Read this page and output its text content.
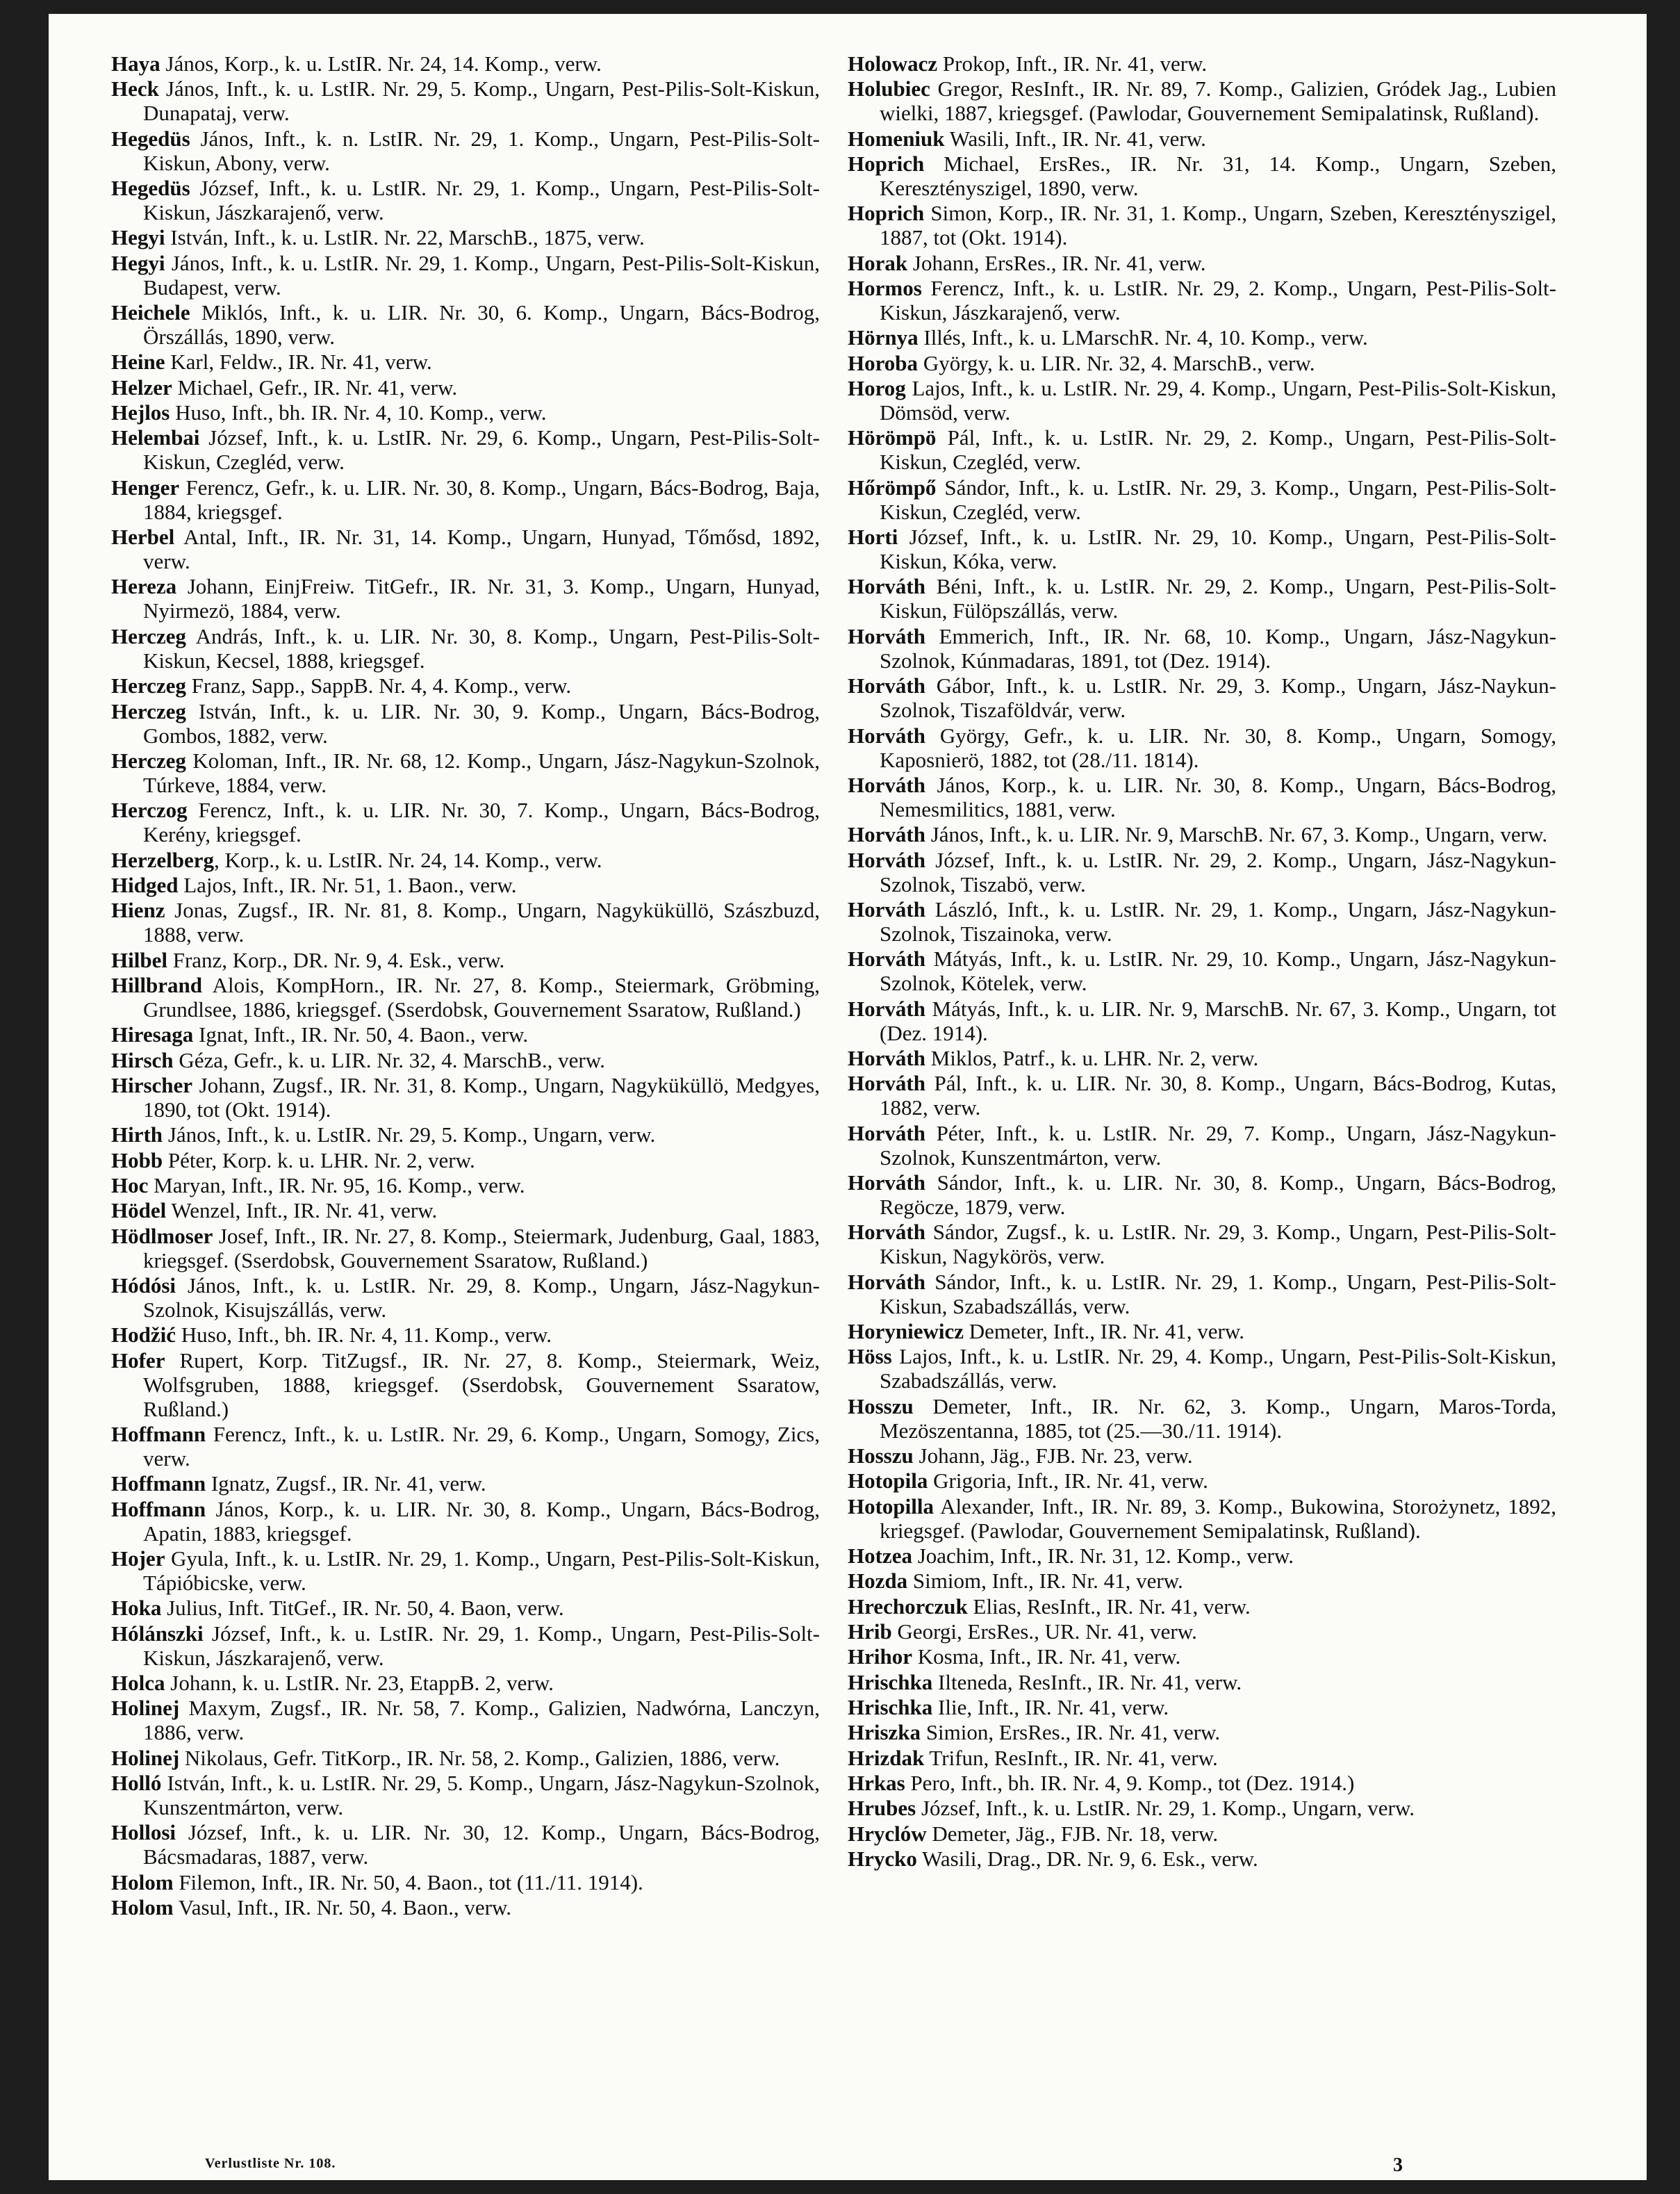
Haya János, Korp., k. u. LstIR. Nr. 24, 14. Komp., verw.

Heck János, Inft., k. u. LstIR. Nr. 29, 5. Komp., Ungarn, Pest-Pilis-Solt-Kiskun, Dunapataj, verw.

Hegedüs János, Inft., k. n. LstIR. Nr. 29, 1. Komp., Ungarn, Pest-Pilis-Solt-Kiskun, Abony, verw.

Hegedüs József, Inft., k. u. LstIR. Nr. 29, 1. Komp., Ungarn, Pest-Pilis-Solt-Kiskun, Jászkarajenő, verw.

Hegyi István, Inft., k. u. LstIR. Nr. 22, MarschB., 1875, verw.

Hegyi János, Inft., k. u. LstIR. Nr. 29, 1. Komp., Ungarn, Pest-Pilis-Solt-Kiskun, Budapest, verw.

Heichele Miklós, Inft., k. u. LIR. Nr. 30, 6. Komp., Ungarn, Bács-Bodrog, Örszállás, 1890, verw.

Heine Karl, Feldw., IR. Nr. 41, verw.

Helzer Michael, Gefr., IR. Nr. 41, verw.

Hejlos Huso, Inft., bh. IR. Nr. 4, 10. Komp., verw.

Helembai József, Inft., k. u. LstIR. Nr. 29, 6. Komp., Ungarn, Pest-Pilis-Solt-Kiskun, Czegléd, verw.

Henger Ferencz, Gefr., k. u. LIR. Nr. 30, 8. Komp., Ungarn, Bács-Bodrog, Baja, 1884, kriegsgef.

Herbel Antal, Inft., IR. Nr. 31, 14. Komp., Ungarn, Hunyad, Tőmősd, 1892, verw.

Hereza Johann, EinjFreiw. TitGefr., IR. Nr. 31, 3. Komp., Ungarn, Hunyad, Nyirmezö, 1884, verw.

Herczeg András, Inft., k. u. LIR. Nr. 30, 8. Komp., Ungarn, Pest-Pilis-Solt-Kiskun, Kecsel, 1888, kriegsgef.

Herczeg Franz, Sapp., SappB. Nr. 4, 4. Komp., verw.

Herczeg István, Inft., k. u. LIR. Nr. 30, 9. Komp., Ungarn, Bács-Bodrog, Gombos, 1882, verw.

Herczeg Koloman, Inft., IR. Nr. 68, 12. Komp., Ungarn, Jász-Nagykun-Szolnok, Túrkeve, 1884, verw.

Herczog Ferencz, Inft., k. u. LIR. Nr. 30, 7. Komp., Ungarn, Bács-Bodrog, Kerény, kriegsgef.

Herzelberg, Korp., k. u. LstIR. Nr. 24, 14. Komp., verw.

Hidged Lajos, Inft., IR. Nr. 51, 1. Baon., verw.

Hienz Jonas, Zugsf., IR. Nr. 81, 8. Komp., Ungarn, Nagyküküllö, Szászbuzd, 1888, verw.

Hilbel Franz, Korp., DR. Nr. 9, 4. Esk., verw.

Hillbrand Alois, KompHorn., IR. Nr. 27, 8. Komp., Steiermark, Gröbming, Grundlsee, 1886, kriegsgef. (Sserdobsk, Gouvernement Ssaratow, Rußland.)

Hiresaga Ignat, Inft., IR. Nr. 50, 4. Baon., verw.

Hirsch Géza, Gefr., k. u. LIR. Nr. 32, 4. MarschB., verw.

Hirscher Johann, Zugsf., IR. Nr. 31, 8. Komp., Ungarn, Nagyküküllö, Medgyes, 1890, tot (Okt. 1914).

Hirth János, Inft., k. u. LstIR. Nr. 29, 5. Komp., Ungarn, verw.

Hobb Péter, Korp. k. u. LHR. Nr. 2, verw.

Hoc Maryan, Inft., IR. Nr. 95, 16. Komp., verw.

Hödel Wenzel, Inft., IR. Nr. 41, verw.

Hödlmoser Josef, Inft., IR. Nr. 27, 8. Komp., Steiermark, Judenburg, Gaal, 1883, kriegsgef. (Sserdobsk, Gouvernement Ssaratow, Rußland.)

Hódósi János, Inft., k. u. LstIR. Nr. 29, 8. Komp., Ungarn, Jász-Nagykun-Szolnok, Kisujszállás, verw.

Hodžić Huso, Inft., bh. IR. Nr. 4, 11. Komp., verw.

Hofer Rupert, Korp. TitZugsf., IR. Nr. 27, 8. Komp., Steiermark, Weiz, Wolfsgruben, 1888, kriegsgef. (Sserdobsk, Gouvernement Ssaratow, Rußland.)

Hoffmann Ferencz, Inft., k. u. LstIR. Nr. 29, 6. Komp., Ungarn, Somogy, Zics, verw.

Hoffmann Ignatz, Zugsf., IR. Nr. 41, verw.

Hoffmann János, Korp., k. u. LIR. Nr. 30, 8. Komp., Ungarn, Bács-Bodrog, Apatin, 1883, kriegsgef.

Hojer Gyula, Inft., k. u. LstIR. Nr. 29, 1. Komp., Ungarn, Pest-Pilis-Solt-Kiskun, Tápióbicske, verw.

Hoka Julius, Inft. TitGef., IR. Nr. 50, 4. Baon, verw.

Hólánszki József, Inft., k. u. LstIR. Nr. 29, 1. Komp., Ungarn, Pest-Pilis-Solt-Kiskun, Jászkarajenő, verw.

Holca Johann, k. u. LstIR. Nr. 23, EtappB. 2, verw.

Holinej Maxym, Zugsf., IR. Nr. 58, 7. Komp., Galizien, Nadwórna, Lanczyn, 1886, verw.

Holinej Nikolaus, Gefr. TitKorp., IR. Nr. 58, 2. Komp., Galizien, 1886, verw.

Holló István, Inft., k. u. LstIR. Nr. 29, 5. Komp., Ungarn, Jász-Nagykun-Szolnok, Kunszentmárton, verw.

Hollosi József, Inft., k. u. LIR. Nr. 30, 12. Komp., Ungarn, Bács-Bodrog, Bácsmadaras, 1887, verw.

Holom Filemon, Inft., IR. Nr. 50, 4. Baon., tot (11./11. 1914).

Holom Vasul, Inft., IR. Nr. 50, 4. Baon., verw.

Holowacz Prokop, Inft., IR. Nr. 41, verw.

Holubiec Gregor, ResInft., IR. Nr. 89, 7. Komp., Galizien, Gródek Jag., Lubien wielki, 1887, kriegsgef. (Pawlodar, Gouvernement Semipalatinsk, Rußland).

Homeniuk Wasili, Inft., IR. Nr. 41, verw.

Hoprich Michael, ErsRes., IR. Nr. 31, 14. Komp., Ungarn, Szeben, Keresztényszigel, 1890, verw.

Hoprich Simon, Korp., IR. Nr. 31, 1. Komp., Ungarn, Szeben, Keresztényszigel, 1887, tot (Okt. 1914).

Horak Johann, ErsRes., IR. Nr. 41, verw.

Hormos Ferencz, Inft., k. u. LstIR. Nr. 29, 2. Komp., Ungarn, Pest-Pilis-Solt-Kiskun, Jászkarajenő, verw.

Hörnya Illés, Inft., k. u. LMarschR. Nr. 4, 10. Komp., verw.

Horoba György, k. u. LIR. Nr. 32, 4. MarschB., verw.

Horog Lajos, Inft., k. u. LstIR. Nr. 29, 4. Komp., Ungarn, Pest-Pilis-Solt-Kiskun, Dömsöd, verw.

Hörömpö Pál, Inft., k. u. LstIR. Nr. 29, 2. Komp., Ungarn, Pest-Pilis-Solt-Kiskun, Czegléd, verw.

Hőrömpő Sándor, Inft., k. u. LstIR. Nr. 29, 3. Komp., Ungarn, Pest-Pilis-Solt-Kiskun, Czegléd, verw.

Horti József, Inft., k. u. LstIR. Nr. 29, 10. Komp., Ungarn, Pest-Pilis-Solt-Kiskun, Kóka, verw.

Horváth Béni, Inft., k. u. LstIR. Nr. 29, 2. Komp., Ungarn, Pest-Pilis-Solt-Kiskun, Fülöpszállás, verw.

Horváth Emmerich, Inft., IR. Nr. 68, 10. Komp., Ungarn, Jász-Nagykun-Szolnok, Kúnmadaras, 1891, tot (Dez. 1914).

Horváth Gábor, Inft., k. u. LstIR. Nr. 29, 3. Komp., Ungarn, Jász-Naykun-Szolnok, Tiszaföldvár, verw.

Horváth György, Gefr., k. u. LIR. Nr. 30, 8. Komp., Ungarn, Somogy, Kaposnierö, 1882, tot (28./11. 1814).

Horváth János, Korp., k. u. LIR. Nr. 30, 8. Komp., Ungarn, Bács-Bodrog, Nemesmilitics, 1881, verw.

Horváth János, Inft., k. u. LIR. Nr. 9, MarschB. Nr. 67, 3. Komp., Ungarn, verw.

Horváth József, Inft., k. u. LstIR. Nr. 29, 2. Komp., Ungarn, Jász-Nagykun-Szolnok, Tiszabö, verw.

Horváth László, Inft., k. u. LstIR. Nr. 29, 1. Komp., Ungarn, Jász-Nagykun-Szolnok, Tiszainoka, verw.

Horváth Mátyás, Inft., k. u. LstIR. Nr. 29, 10. Komp., Ungarn, Jász-Nagykun-Szolnok, Kötelek, verw.

Horváth Mátyás, Inft., k. u. LIR. Nr. 9, MarschB. Nr. 67, 3. Komp., Ungarn, tot (Dez. 1914).

Horváth Miklos, Patrf., k. u. LHR. Nr. 2, verw.

Horváth Pál, Inft., k. u. LIR. Nr. 30, 8. Komp., Ungarn, Bács-Bodrog, Kutas, 1882, verw.

Horváth Péter, Inft., k. u. LstIR. Nr. 29, 7. Komp., Ungarn, Jász-Nagykun-Szolnok, Kunszentmárton, verw.

Horváth Sándor, Inft., k. u. LIR. Nr. 30, 8. Komp., Ungarn, Bács-Bodrog, Regöcze, 1879, verw.

Horváth Sándor, Zugsf., k. u. LstIR. Nr. 29, 3. Komp., Ungarn, Pest-Pilis-Solt-Kiskun, Nagykörös, verw.

Horváth Sándor, Inft., k. u. LstIR. Nr. 29, 1. Komp., Ungarn, Pest-Pilis-Solt-Kiskun, Szabadszállás, verw.

Horyniewicz Demeter, Inft., IR. Nr. 41, verw.

Höss Lajos, Inft., k. u. LstIR. Nr. 29, 4. Komp., Ungarn, Pest-Pilis-Solt-Kiskun, Szabadszállás, verw.

Hosszu Demeter, Inft., IR. Nr. 62, 3. Komp., Ungarn, Maros-Torda, Mezöszentanna, 1885, tot (25.—30./11. 1914).

Hosszu Johann, Jäg., FJB. Nr. 23, verw.

Hotopila Grigoria, Inft., IR. Nr. 41, verw.

Hotopilla Alexander, Inft., IR. Nr. 89, 3. Komp., Bukowina, Storożynetz, 1892, kriegsgef. (Pawlodar, Gouvernement Semipalatinsk, Rußland).

Hotzea Joachim, Inft., IR. Nr. 31, 12. Komp., verw.

Hozda Simiom, Inft., IR. Nr. 41, verw.

Hrechorczuk Elias, ResInft., IR. Nr. 41, verw.

Hrib Georgi, ErsRes., UR. Nr. 41, verw.

Hrihor Kosma, Inft., IR. Nr. 41, verw.

Hrischka Ilteneda, ResInft., IR. Nr. 41, verw.

Hrischka Ilie, Inft., IR. Nr. 41, verw.

Hriszka Simion, ErsRes., IR. Nr. 41, verw.

Hrizdak Trifun, ResInft., IR. Nr. 41, verw.

Hrkas Pero, Inft., bh. IR. Nr. 4, 9. Komp., tot (Dez. 1914.)

Hrubes József, Inft., k. u. LstIR. Nr. 29, 1. Komp., Ungarn, verw.

Hryclów Demeter, Jäg., FJB. Nr. 18, verw.

Hrycko Wasili, Drag., DR. Nr. 9, 6. Esk., verw.

Verlustliste Nr. 108.	3
